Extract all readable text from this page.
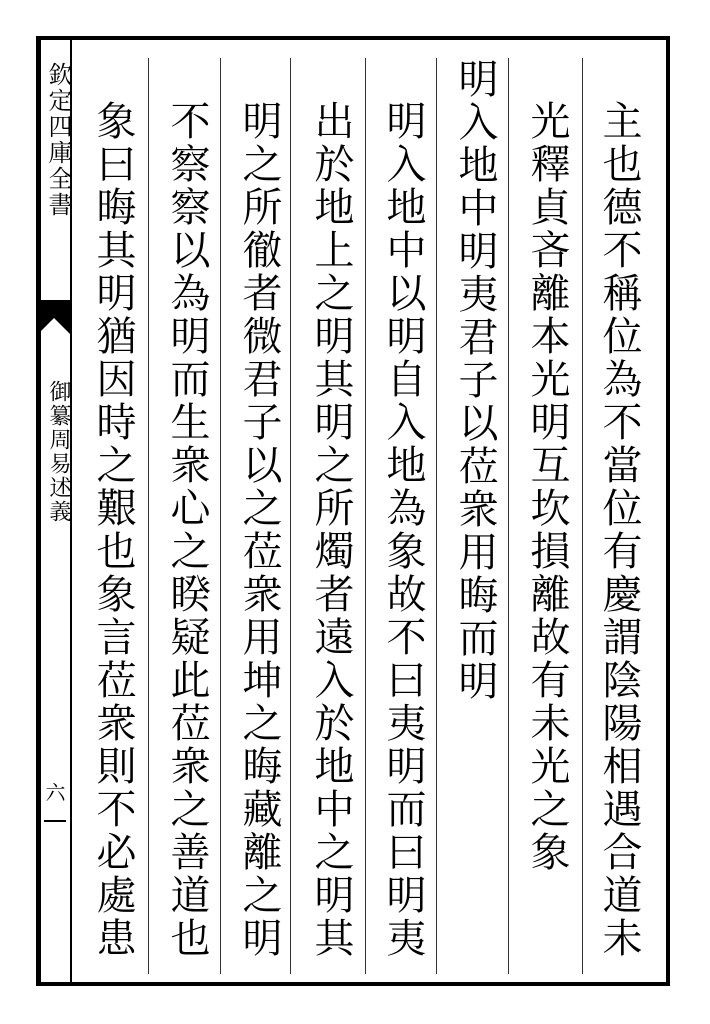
欽定四庫全書
御纂周易述義
六	主也德不稱位為不當位有慶謂陰陽相遇合道未
光釋貞吝離本光明互坎損離故有未光之象
明入地中明夷君子以莅衆用晦而明
明入地中以明自入地為象故不曰夷明而曰明夷
出於地上之明其明之所燭者遠入於地中之明其
明之所徹者微君子以之莅衆用坤之晦藏離之明
不察察以為明而生衆心之睽疑此莅衆之善道也
象曰晦其明猶因時之艱也象言莅衆則不必處患
